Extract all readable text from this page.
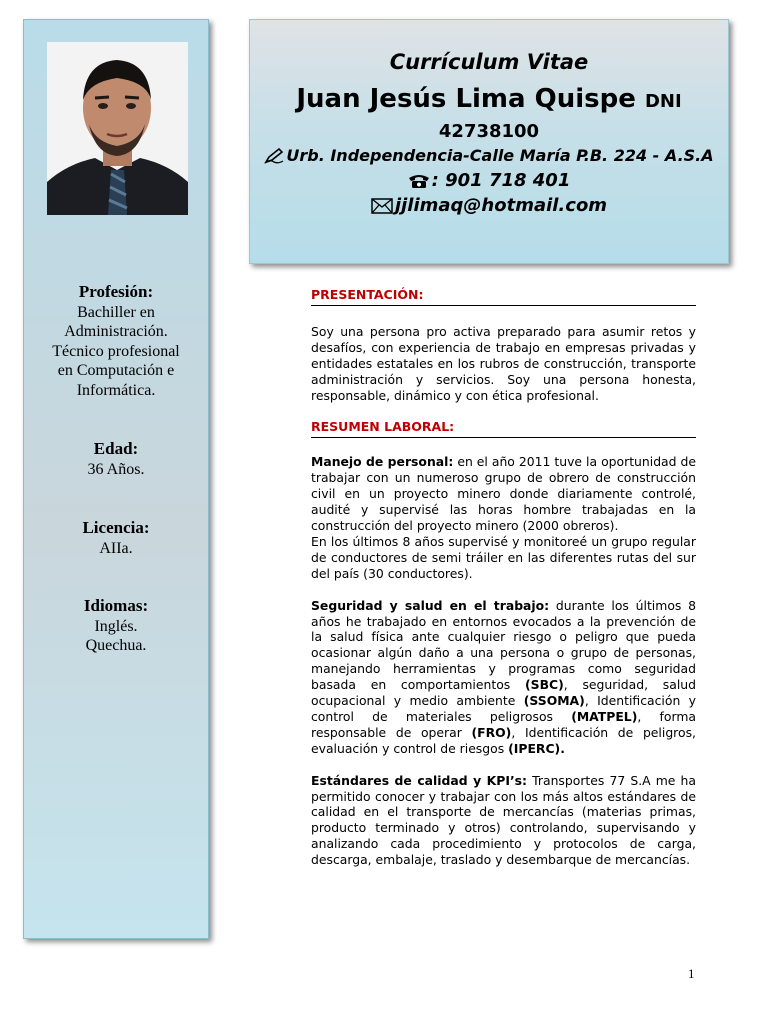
Profesión:
Bachiller en
Administración.
Técnico profesional
en Computación e
Informática.
Edad:
36 Años.
Licencia:
AIIa.
Idiomas:
Inglés.
Quechua.
Currículum Vitae
Juan Jesús Lima Quispe DNI
42738100
Urb. Independencia-Calle María P.B. 224 - A.S.A
: 901 718 401
jjlimaq@hotmail.com
PRESENTACIÓN:

Soy una persona pro activa preparado para asumir retos y desafíos, con experiencia de trabajo en empresas privadas y entidades estatales en los rubros de construcción, transporte administración y servicios. Soy una persona honesta, responsable, dinámico y con ética profesional.

RESUMEN LABORAL:

Manejo de personal: en el año 2011 tuve la oportunidad de trabajar con un numeroso grupo de obrero de construcción civil en un proyecto minero donde diariamente controlé, audité y supervisé las horas hombre trabajadas en la construcción del proyecto minero (2000 obreros).

En los últimos 8 años supervisé y monitoreé un grupo regular de conductores de semi tráiler en las diferentes rutas del sur del país (30 conductores).

Seguridad y salud en el trabajo: durante los últimos 8 años he trabajado en entornos evocados a la prevención de la salud física ante cualquier riesgo o peligro que pueda ocasionar algún daño a una persona o grupo de personas, manejando herramientas y programas como seguridad basada en comportamientos (SBC), seguridad, salud ocupacional y medio ambiente (SSOMA), Identificación y control de materiales peligrosos (MATPEL), forma responsable de operar (FRO), Identificación de peligros, evaluación y control de riesgos (IPERC).

Estándares de calidad y KPI’s: Transportes 77 S.A me ha permitido conocer y trabajar con los más altos estándares de calidad en el transporte de mercancías (materias primas, producto terminado y otros) controlando, supervisando y analizando cada procedimiento y protocolos de carga, descarga, embalaje, traslado y desembarque de mercancías.

1
